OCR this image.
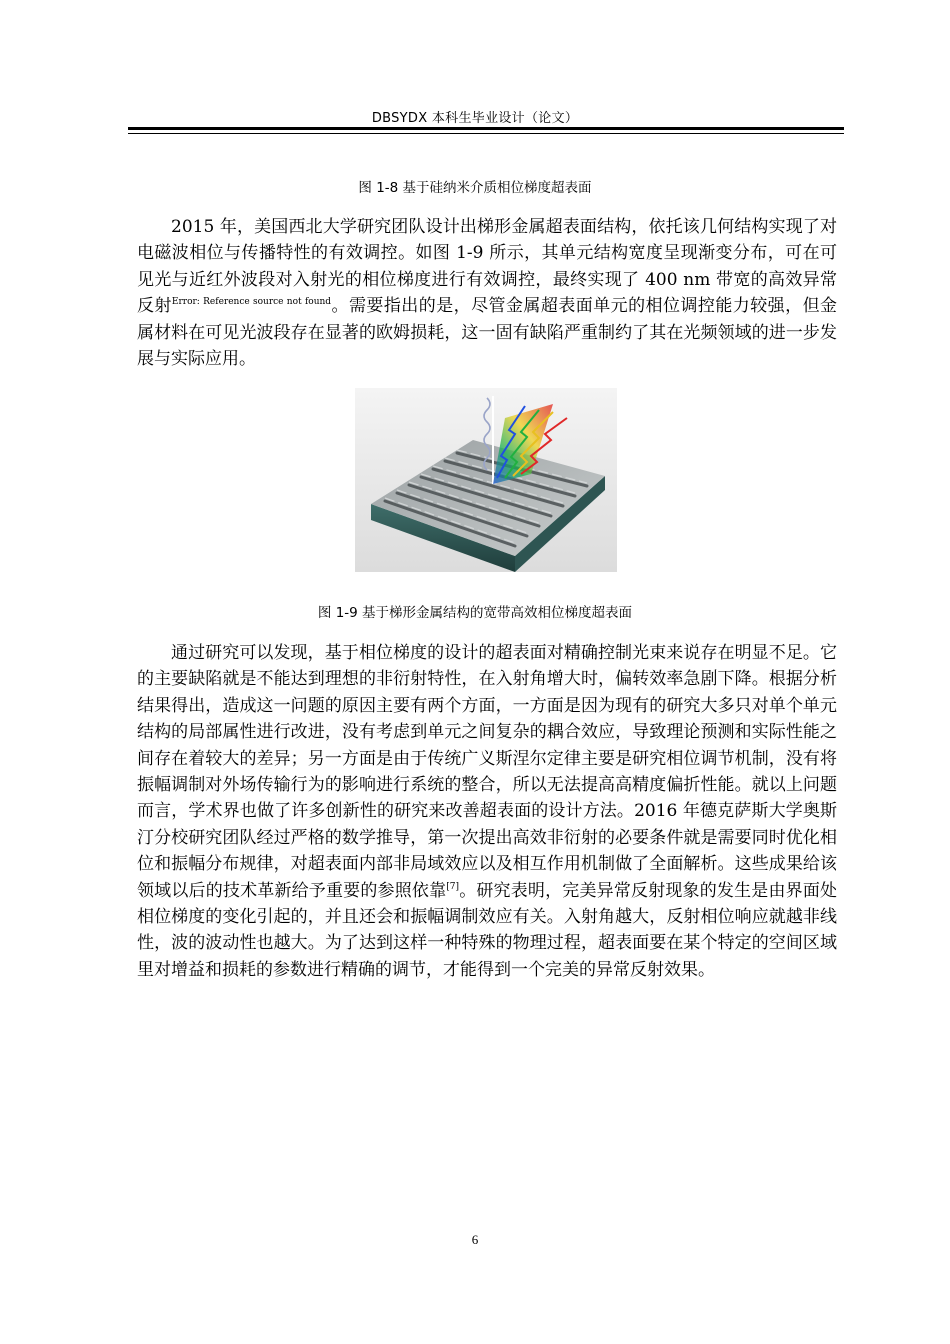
DBSYDX 本科生毕业设计（论文）
图 1-8 基于硅纳米介质相位梯度超表面

2015 年，美国西北大学研究团队设计出梯形金属超表面结构，依托该几何结构实现了对电磁波相位与传播特性的有效调控。如图 1-9 所示，其单元结构宽度呈现渐变分布，可在可见光与近红外波段对入射光的相位梯度进行有效调控，最终实现了 400 nm 带宽的高效异常反射$^{Error: Reference source not found}$。需要指出的是，尽管金属超表面单元的相位调控能力较强，但金属材料在可见光波段存在显著的欧姆损耗，这一固有缺陷严重制约了其在光频领域的进一步发展与实际应用。

图 1-9 基于梯形金属结构的宽带高效相位梯度超表面

通过研究可以发现，基于相位梯度的设计的超表面对精确控制光束来说存在明显不足。它的主要缺陷就是不能达到理想的非衍射特性，在入射角增大时，偏转效率急剧下降。根据分析结果得出，造成这一问题的原因主要有两个方面，一方面是因为现有的研究大多只对单个单元结构的局部属性进行改进，没有考虑到单元之间复杂的耦合效应，导致理论预测和实际性能之间存在着较大的差异；另一方面是由于传统广义斯涅尔定律主要是研究相位调节机制，没有将振幅调制对外场传输行为的影响进行系统的整合，所以无法提高高精度偏折性能。就以上问题而言，学术界也做了许多创新性的研究来改善超表面的设计方法。2016 年德克萨斯大学奥斯汀分校研究团队经过严格的数学推导，第一次提出高效非衍射的必要条件就是需要同时优化相位和振幅分布规律，对超表面内部非局域效应以及相互作用机制做了全面解析。这些成果给该领域以后的技术革新给予重要的参照依靠[7]。研究表明，完美异常反射现象的发生是由界面处相位梯度的变化引起的，并且还会和振幅调制效应有关。入射角越大，反射相位响应就越非线性，波的波动性也越大。为了达到这样一种特殊的物理过程，超表面要在某个特定的空间区域里对增益和损耗的参数进行精确的调节，才能得到一个完美的异常反射效果。

6
